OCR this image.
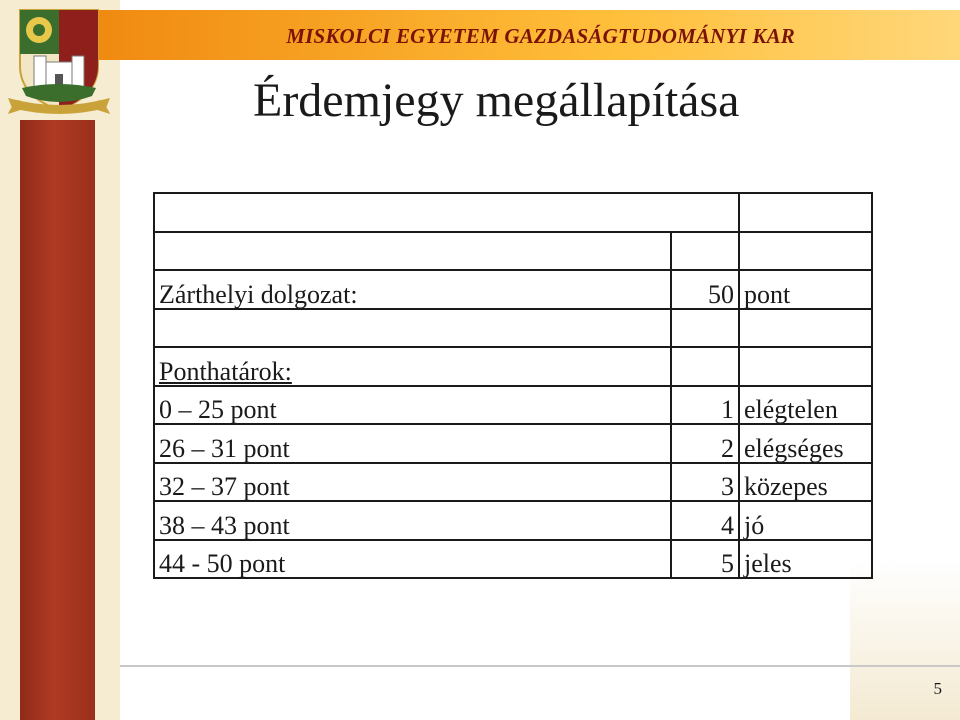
MISKOLCI EGYETEM GAZDASÁGTUDOMÁNYI KAR
Érdemjegy megállapítása

Zárthelyi dolgozat:	50	pont

Ponthatárok:		
0 – 25 pont	1	elégtelen
26 – 31 pont	2	elégséges
32 – 37 pont	3	közepes
38 – 43 pont	4	jó
44 - 50 pont	5	jeles
5
